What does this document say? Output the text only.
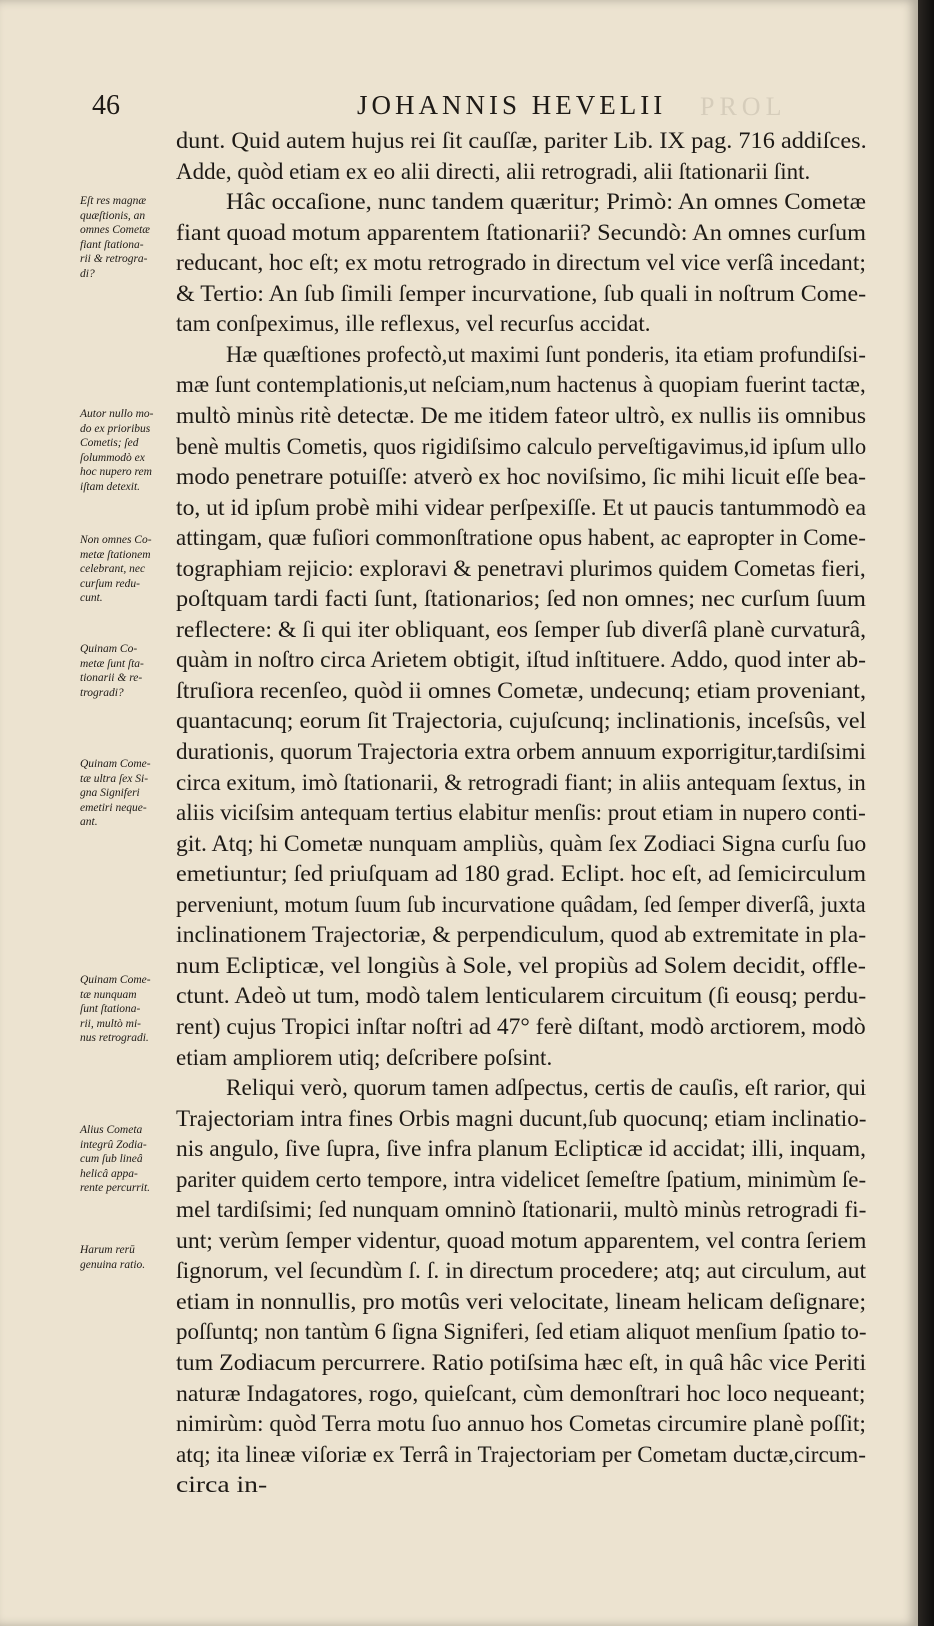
46	JOHANNIS HEVELII PROL
dunt. Quid autem hujus rei ſit cauſſæ, pariter Lib. IX pag. 716 addiſces.
Adde, quòd etiam ex eo alii directi, alii retrogradi, alii ſtationarii ſint.
Hâc occaſione, nunc tandem quæritur; Primò: An omnes Cometæ
fiant quoad motum apparentem ſtationarii? Secundò: An omnes curſum
reducant, hoc eſt; ex motu retrogrado in directum vel vice verſâ incedant;
& Tertio: An ſub ſimili ſemper incurvatione, ſub quali in noſtrum Come-
tam conſpeximus, ille reflexus, vel recurſus accidat.
Hæ quæſtiones profectò,ut maximi ſunt ponderis, ita etiam profundiſsi-
mæ ſunt contemplationis,ut neſciam,num hactenus à quopiam fuerint tactæ,
multò minùs ritè detectæ. De me itidem fateor ultrò, ex nullis iis omnibus
benè multis Cometis, quos rigidiſsimo calculo perveſtigavimus,id ipſum ullo
modo penetrare potuiſſe: atverò ex hoc noviſsimo, ſic mihi licuit eſſe bea-
to, ut id ipſum probè mihi videar perſpexiſſe. Et ut paucis tantummodò ea
attingam, quæ fuſiori commonſtratione opus habent, ac eapropter in Come-
tographiam rejicio: exploravi & penetravi plurimos quidem Cometas fieri,
poſtquam tardi facti ſunt, ſtationarios; ſed non omnes; nec curſum ſuum
reflectere: & ſi qui iter obliquant, eos ſemper ſub diverſâ planè curvaturâ,
quàm in noſtro circa Arietem obtigit, iſtud inſtituere. Addo, quod inter ab-
ſtruſiora recenſeo, quòd ii omnes Cometæ, undecunq; etiam proveniant,
quantacunq; eorum ſit Trajectoria, cujuſcunq; inclinationis, inceſsûs, vel
durationis, quorum Trajectoria extra orbem annuum exporrigitur,tardiſsimi
circa exitum, imò ſtationarii, & retrogradi fiant; in aliis antequam ſextus, in
aliis viciſsim antequam tertius elabitur menſis: prout etiam in nupero conti-
git. Atq; hi Cometæ nunquam ampliùs, quàm ſex Zodiaci Signa curſu ſuo
emetiuntur; ſed priuſquam ad 180 grad. Eclipt. hoc eſt, ad ſemicirculum
perveniunt, motum ſuum ſub incurvatione quâdam, ſed ſemper diverſâ, juxta
inclinationem Trajectoriæ, & perpendiculum, quod ab extremitate in pla-
num Eclipticæ, vel longiùs à Sole, vel propiùs ad Solem decidit, offle-
ctunt. Adeò ut tum, modò talem lenticularem circuitum (ſi eousq; perdu-
rent) cujus Tropici inſtar noſtri ad 47° ferè diſtant, modò arctiorem, modò
etiam ampliorem utiq; deſcribere poſsint.
Reliqui verò, quorum tamen adſpectus, certis de cauſis, eſt rarior, qui
Trajectoriam intra fines Orbis magni ducunt,ſub quocunq; etiam inclinatio-
nis angulo, ſive ſupra, ſive infra planum Eclipticæ id accidat; illi, inquam,
pariter quidem certo tempore, intra videlicet ſemeſtre ſpatium, minimùm ſe-
mel tardiſsimi; ſed nunquam omninò ſtationarii, multò minùs retrogradi fi-
unt; verùm ſemper videntur, quoad motum apparentem, vel contra ſeriem
ſignorum, vel ſecundùm ſ. ſ. in directum procedere; atq; aut circulum, aut
etiam in nonnullis, pro motûs veri velocitate, lineam helicam deſignare;
poſſuntq; non tantùm 6 ſigna Signiferi, ſed etiam aliquot menſium ſpatio to-
tum Zodiacum percurrere. Ratio potiſsima hæc eſt, in quâ hâc vice Periti
naturæ Indagatores, rogo, quieſcant, cùm demonſtrari hoc loco nequeant;
nimirùm: quòd Terra motu ſuo annuo hos Cometas circumire planè poſſit;
atq; ita lineæ viſoriæ ex Terrâ in Trajectoriam per Cometam ductæ,circum-
circa in-
Eſt res magnæ
quæſtionis, an
omnes Cometæ
fiant ſtationa-
rii & retrogra-
di?
Autor nullo mo-
do ex prioribus
Cometis; ſed
ſolummodò ex
hoc nupero rem
iſtam detexit.
Non omnes Co-
metæ ſtationem
celebrant, nec
curſum redu-
cunt.
Quinam Co-
metæ ſunt ſta-
tionarii & re-
trogradi?
Quinam Come-
tæ ultra ſex Si-
gna Signiferi
emetiri neque-
ant.
Quinam Come-
tæ nunquam
ſunt ſtationa-
rii, multò mi-
nus retrogradi.
Alius Cometa
integrû Zodia-
cum ſub lineâ
helicâ appa-
rente percurrit.
Harum rerū
genuina ratio.
